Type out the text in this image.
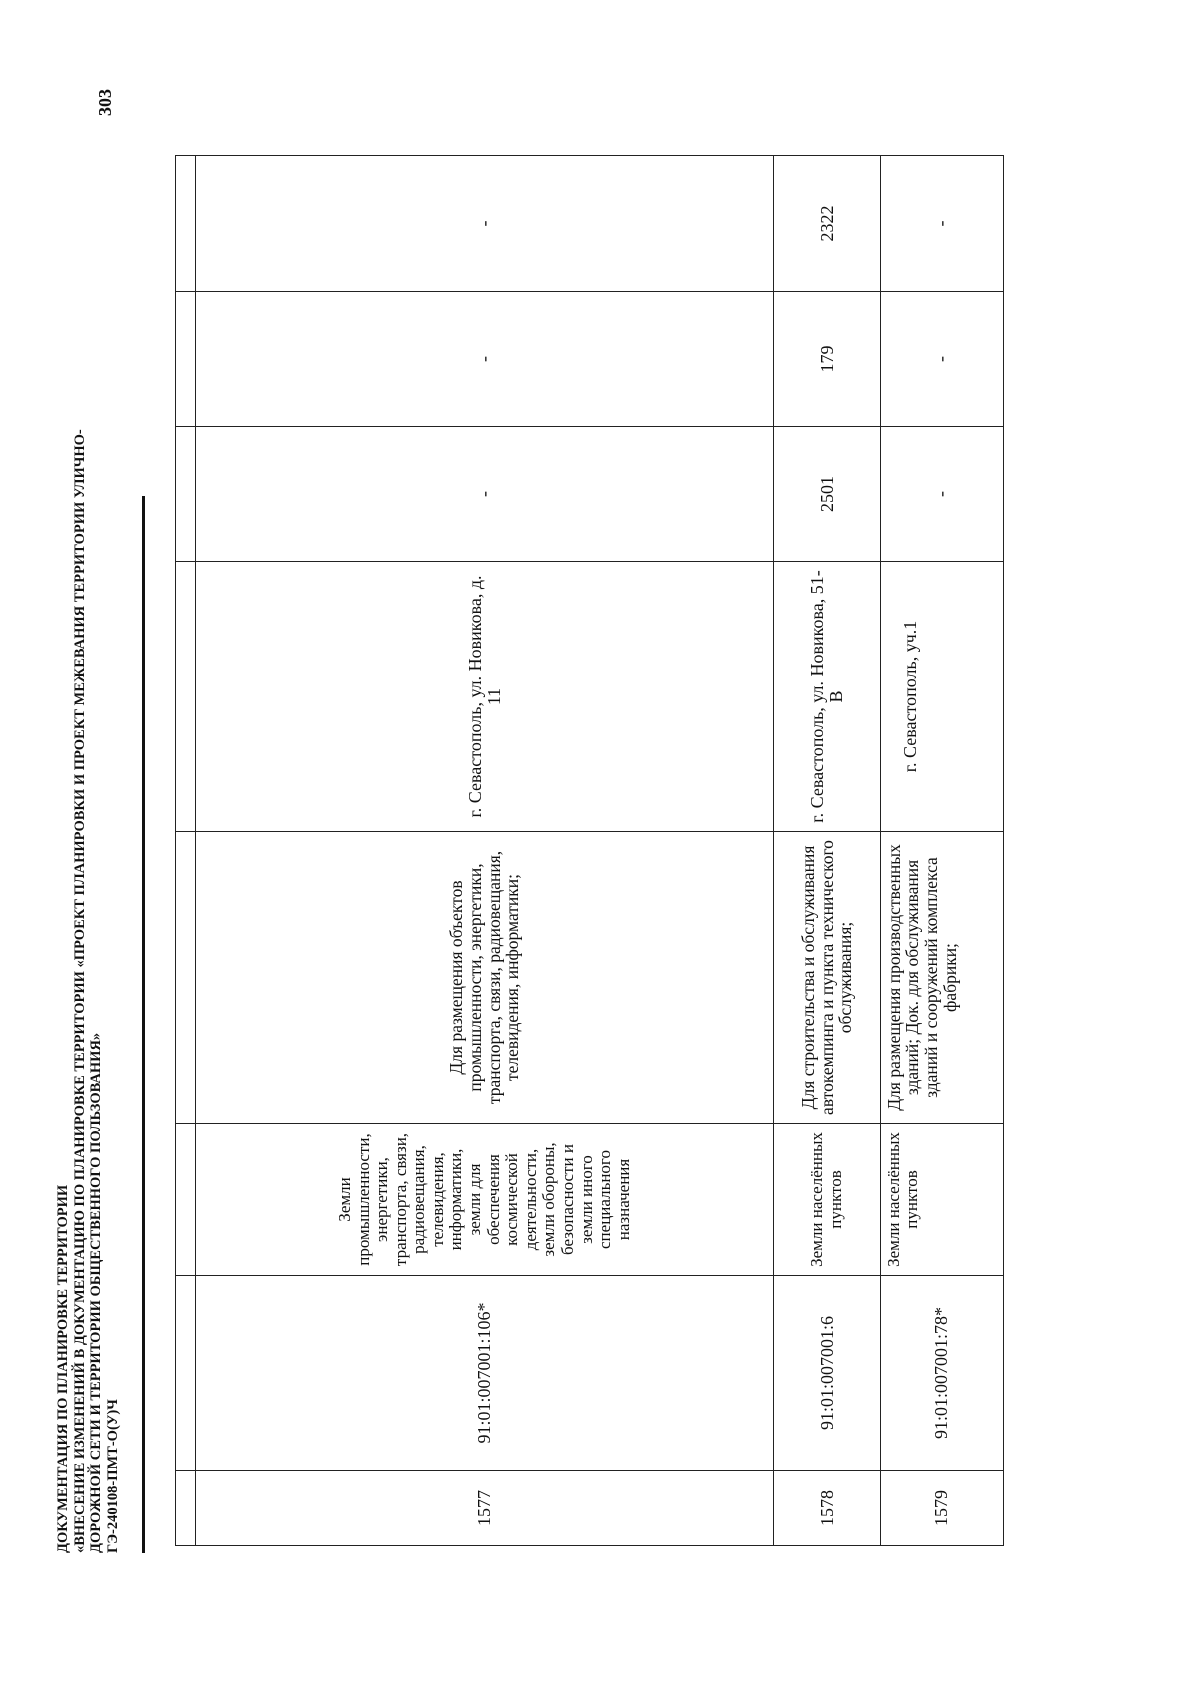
ДОКУМЕНТАЦИЯ ПО ПЛАНИРОВКЕ ТЕРРИТОРИИ «ВНЕСЕНИЕ ИЗМЕНЕНИЙ В ДОКУМЕНТАЦИЮ ПО ПЛАНИРОВКЕ ТЕРРИТОРИИ «ПРОЕКТ ПЛАНИРОВКИ И ПРОЕКТ МЕЖЕВАНИЯ ТЕРРИТОРИИ УЛИЧНО- ДОРОЖНОЙ СЕТИ И ТЕРРИТОРИИ ОБЩЕСТВЕННОГО ПОЛЬЗОВАНИЯ» ГЭ-240108-ПМТ-О(У)Ч
303

1577	91:01:007001:106*	Земли промышленности, энергетики, транспорта, связи, радиовещания, телевидения, информатики, земли для обеспечения космической деятельности, земли обороны, безопасности и земли иного специального назначения	Для размещения объектов промышленности, энергетики, транспорта, связи, радиовещания, телевидения, информатики;	г. Севастополь, ул. Новикова, д. 11	-	-	-
1578	91:01:007001:6	Земли населённых пунктов	Для строительства и обслуживания автокемпинга и пункта технического обслуживания;	г. Севастополь, ул. Новикова, 51-В	2501	179	2322
1579	91:01:007001:78*	Земли населённых пунктов	Для размещения производственных зданий; Док. для обслуживания зданий и сооружений комплекса фабрики;	г. Севастополь, уч.1	-	-	-
